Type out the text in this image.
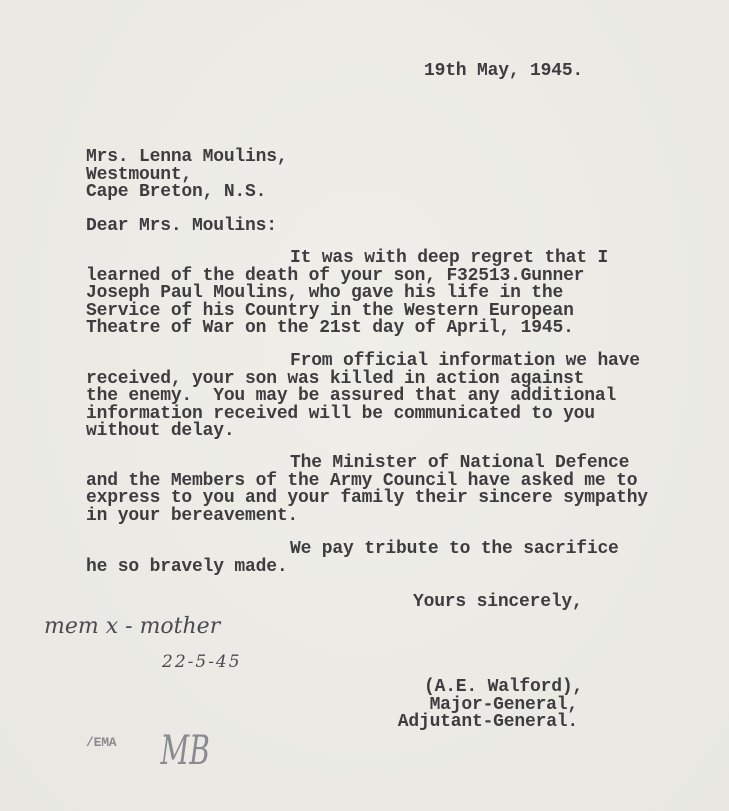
19th May, 1945.
Mrs. Lenna Moulins,
Westmount,
Cape Breton, N.S.
Dear Mrs. Moulins:
It was with deep regret that I
learned of the death of your son, F32513.Gunner
Joseph Paul Moulins, who gave his life in the
Service of his Country in the Western European
Theatre of War on the 21st day of April, 1945.
From official information we have
received, your son was killed in action against
the enemy.  You may be assured that any additional
information received will be communicated to you
without delay.
The Minister of National Defence
and the Members of the Army Council have asked me to
express to you and your family their sincere sympathy
in your bereavement.
We pay tribute to the sacrifice
he so bravely made.
Yours sincerely,
mem x - mother
22-5-45
(A.E. Walford),
Major-General,
Adjutant-General.
/EMA MB
